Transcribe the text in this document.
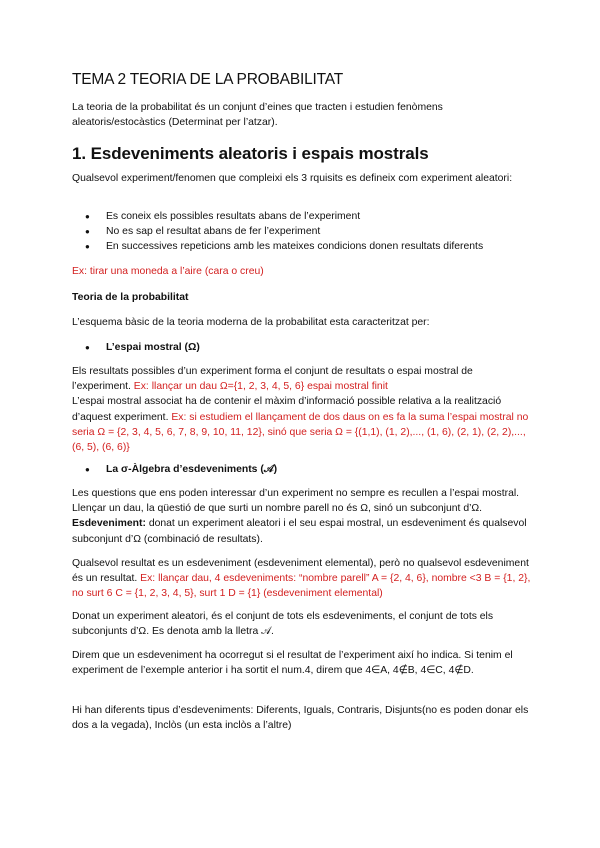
TEMA 2 TEORIA DE LA PROBABILITAT

La teoria de la probabilitat és un conjunt d’eines que tracten i estudien fenòmens aleatoris/estocàstics (Determinat per l’atzar).

1. Esdeveniments aleatoris i espais mostrals

Qualsevol experiment/fenomen que compleixi els 3 rquisits es defineix com experiment aleatori:

● Es coneix els possibles resultats abans de l’experiment
● No es sap el resultat abans de fer l’experiment
● En successives repeticions amb les mateixes condicions donen resultats diferents

Ex: tirar una moneda a l’aire (cara o creu)

Teoria de la probabilitat

L’esquema bàsic de la teoria moderna de la probabilitat esta caracteritzat per:

● L’espai mostral (Ω)

Els resultats possibles d’un experiment forma el conjunt de resultats o espai mostral de l’experiment. Ex: llançar un dau Ω={1, 2, 3, 4, 5, 6} espai mostral finit
L’espai mostral associat ha de contenir el màxim d’informació possible relativa a la realització d’aquest experiment. Ex: si estudiem el llançament de dos daus on es fa la suma l’espai mostral no seria Ω = {2, 3, 4, 5, 6, 7, 8, 9, 10, 11, 12}, sinó que seria Ω = {(1,1), (1, 2),..., (1, 6), (2, 1), (2, 2),..., (6, 5), (6, 6)}

● La σ-Àlgebra d’esdeveniments (𝒜)

Les questions que ens poden interessar d’un experiment no sempre es recullen a l’espai mostral. Llençar un dau, la qüestió de que surti un nombre parell no és Ω, sinó un subconjunt d’Ω. Esdeveniment: donat un experiment aleatori i el seu espai mostral, un esdeveniment és qualsevol subconjunt d’Ω (combinació de resultats).

Qualsevol resultat es un esdeveniment (esdeveniment elemental), però no qualsevol esdeveniment és un resultat. Ex: llançar dau, 4 esdeveniments: “nombre parell” A = {2, 4, 6}, nombre <3 B = {1, 2}, no surt 6 C = {1, 2, 3, 4, 5}, surt 1 D = {1} (esdeveniment elemental)

Donat un experiment aleatori, és el conjunt de tots els esdeveniments, el conjunt de tots els subconjunts d’Ω. Es denota amb la lletra 𝒜.

Direm que un esdeveniment ha ocorregut si el resultat de l’experiment així ho indica. Si tenim el experiment de l’exemple anterior i ha sortit el num.4, direm que 4∈A, 4∉B, 4∈C, 4∉D.

Hi han diferents tipus d’esdeveniments: Diferents, Iguals, Contraris, Disjunts(no es poden donar els dos a la vegada), Inclòs (un esta inclòs a l’altre)
